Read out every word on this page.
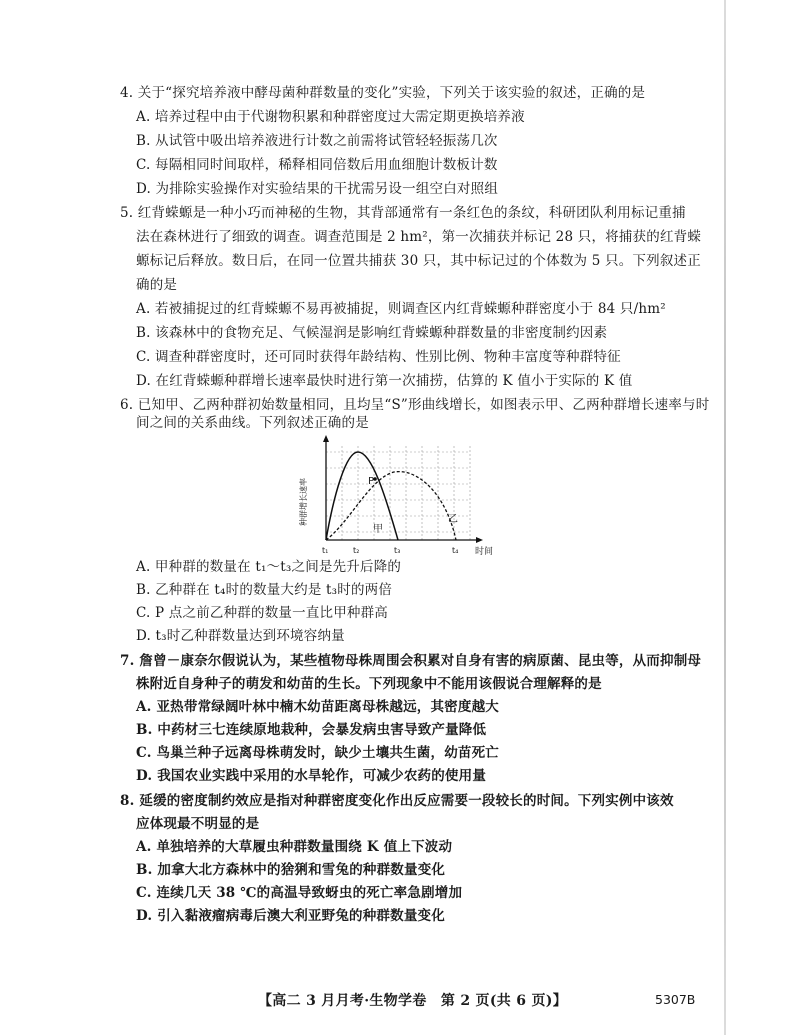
4. 关于“探究培养液中酵母菌种群数量的变化”实验，下列关于该实验的叙述，正确的是
A. 培养过程中由于代谢物积累和种群密度过大需定期更换培养液
B. 从试管中吸出培养液进行计数之前需将试管轻轻振荡几次
C. 每隔相同时间取样，稀释相同倍数后用血细胞计数板计数
D. 为排除实验操作对实验结果的干扰需另设一组空白对照组
5. 红背蝾螈是一种小巧而神秘的生物，其背部通常有一条红色的条纹，科研团队利用标记重捕
法在森林进行了细致的调查。调查范围是 2 hm²，第一次捕获并标记 28 只，将捕获的红背蝾
螈标记后释放。数日后，在同一位置共捕获 30 只，其中标记过的个体数为 5 只。下列叙述正
确的是
A. 若被捕捉过的红背蝾螈不易再被捕捉，则调查区内红背蝾螈种群密度小于 84 只/hm²
B. 该森林中的食物充足、气候湿润是影响红背蝾螈种群数量的非密度制约因素
C. 调查种群密度时，还可同时获得年龄结构、性别比例、物种丰富度等种群特征
D. 在红背蝾螈种群增长速率最快时进行第一次捕捞，估算的 K 值小于实际的 K 值
6. 已知甲、乙两种群初始数量相同，且均呈“S”形曲线增长，如图表示甲、乙两种群增长速率与时
间之间的关系曲线。下列叙述正确的是
种群增长速率
时间
P
甲
乙
t₁	t₂	t₃	t₄
A. 甲种群的数量在 t₁～t₃之间是先升后降的
B. 乙种群在 t₄时的数量大约是 t₃时的两倍
C. P 点之前乙种群的数量一直比甲种群高
D. t₃时乙种群数量达到环境容纳量
7. 詹曾－康奈尔假说认为，某些植物母株周围会积累对自身有害的病原菌、昆虫等，从而抑制母
株附近自身种子的萌发和幼苗的生长。下列现象中不能用该假说合理解释的是
A. 亚热带常绿阔叶林中楠木幼苗距离母株越远，其密度越大
B. 中药材三七连续原地栽种，会暴发病虫害导致产量降低
C. 鸟巢兰种子远离母株萌发时，缺少土壤共生菌，幼苗死亡
D. 我国农业实践中采用的水旱轮作，可减少农药的使用量
8. 延缓的密度制约效应是指对种群密度变化作出反应需要一段较长的时间。下列实例中该效
应体现最不明显的是
A. 单独培养的大草履虫种群数量围绕 K 值上下波动
B. 加拿大北方森林中的猞猁和雪兔的种群数量变化
C. 连续几天 38 ℃的高温导致蚜虫的死亡率急剧增加
D. 引入黏液瘤病毒后澳大利亚野兔的种群数量变化
【高二 3 月月考·生物学卷　第 2 页(共 6 页)】	5307B
